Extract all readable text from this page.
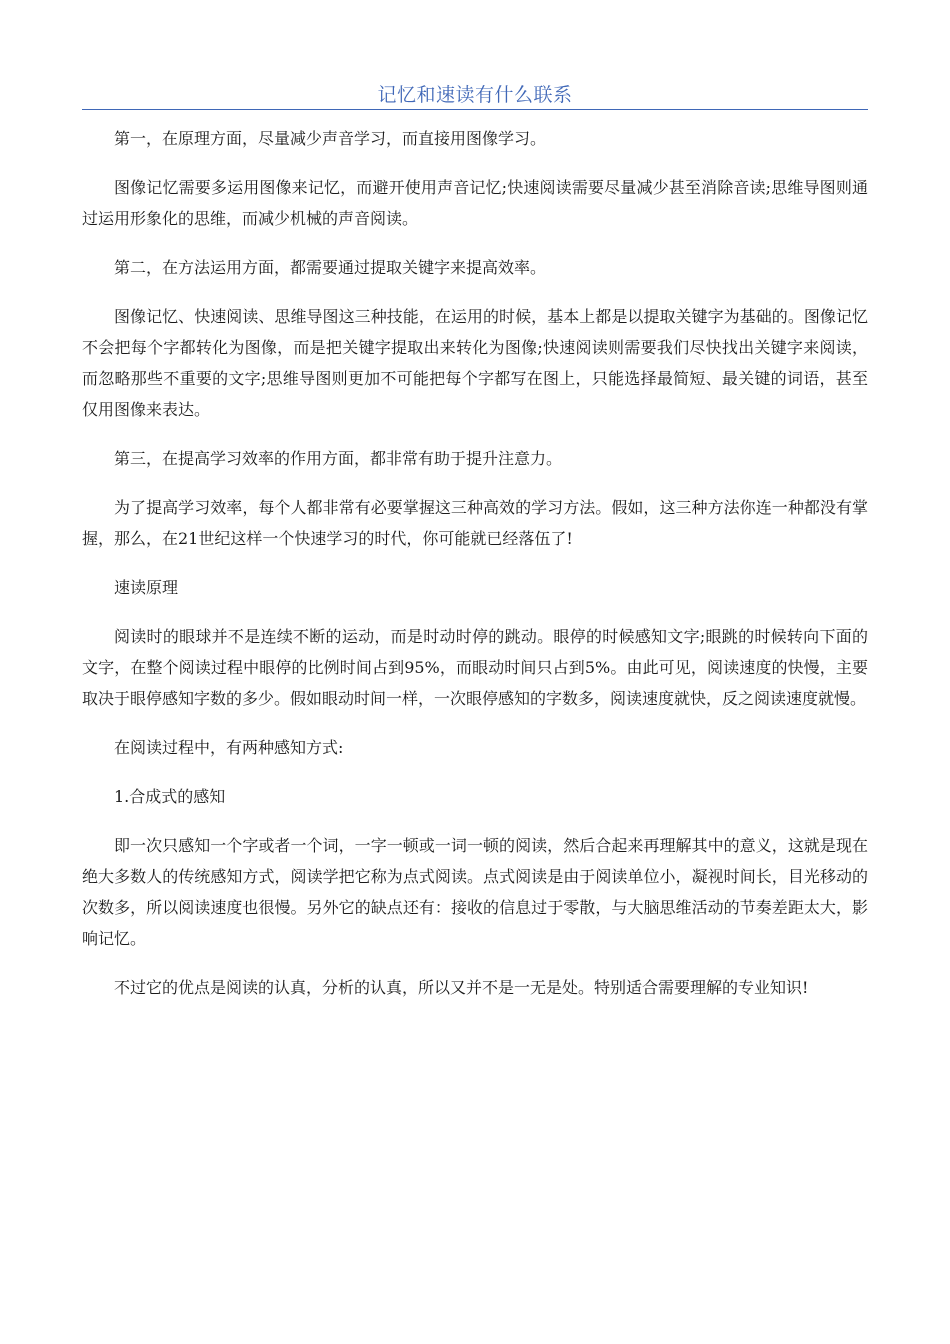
记忆和速读有什么联系

第一，在原理方面，尽量减少声音学习，而直接用图像学习。

图像记忆需要多运用图像来记忆，而避开使用声音记忆;快速阅读需要尽量减少甚至消除音读;思维导图则通过运用形象化的思维，而减少机械的声音阅读。

第二，在方法运用方面，都需要通过提取关键字来提高效率。

图像记忆、快速阅读、思维导图这三种技能，在运用的时候，基本上都是以提取关键字为基础的。图像记忆不会把每个字都转化为图像，而是把关键字提取出来转化为图像;快速阅读则需要我们尽快找出关键字来阅读，而忽略那些不重要的文字;思维导图则更加不可能把每个字都写在图上，只能选择最简短、最关键的词语，甚至仅用图像来表达。

第三，在提高学习效率的作用方面，都非常有助于提升注意力。

为了提高学习效率，每个人都非常有必要掌握这三种高效的学习方法。假如，这三种方法你连一种都没有掌握，那么，在21世纪这样一个快速学习的时代，你可能就已经落伍了!

速读原理

阅读时的眼球并不是连续不断的运动，而是时动时停的跳动。眼停的时候感知文字;眼跳的时候转向下面的文字，在整个阅读过程中眼停的比例时间占到95%，而眼动时间只占到5%。由此可见，阅读速度的快慢，主要取决于眼停感知字数的多少。假如眼动时间一样，一次眼停感知的字数多，阅读速度就快，反之阅读速度就慢。

在阅读过程中，有两种感知方式:

1.合成式的感知

即一次只感知一个字或者一个词，一字一顿或一词一顿的阅读，然后合起来再理解其中的意义，这就是现在绝大多数人的传统感知方式，阅读学把它称为点式阅读。点式阅读是由于阅读单位小，凝视时间长，目光移动的次数多，所以阅读速度也很慢。另外它的缺点还有：接收的信息过于零散，与大脑思维活动的节奏差距太大，影响记忆。

不过它的优点是阅读的认真，分析的认真，所以又并不是一无是处。特别适合需要理解的专业知识!
